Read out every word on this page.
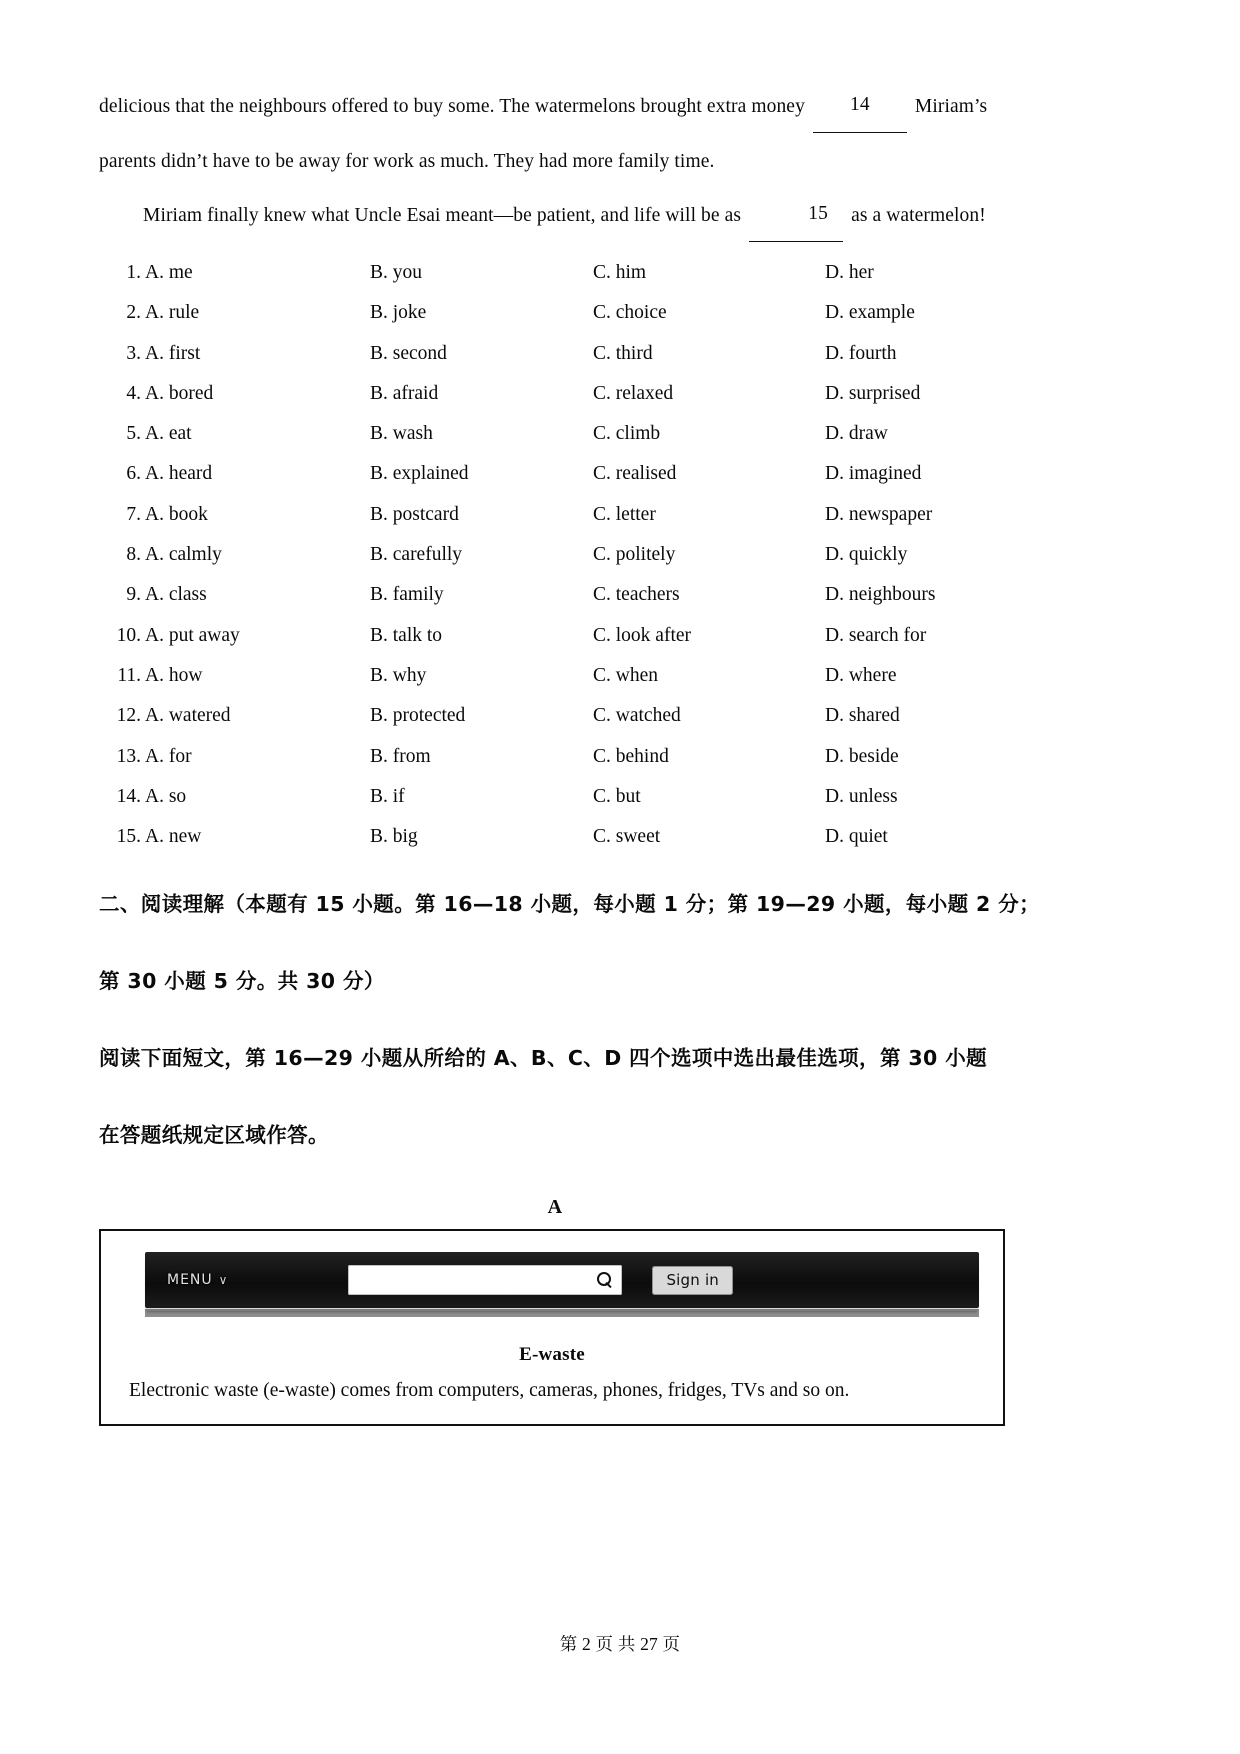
delicious that the neighbours offered to buy some. The watermelons brought extra money 14 Miriam’s
parents didn’t have to be away for work as much. They had more family time.
Miriam finally knew what Uncle Esai meant—be patient, and life will be as	15 as a watermelon!
1. A. me	B. you	C. him	D. her
2. A. rule	B. joke	C. choice	D. example
3. A. first	B. second	C. third	D. fourth
4. A. bored	B. afraid	C. relaxed	D. surprised
5. A. eat	B. wash	C. climb	D. draw
6. A. heard	B. explained	C. realised	D. imagined
7. A. book	B. postcard	C. letter	D. newspaper
8. A. calmly	B. carefully	C. politely	D. quickly
9. A. class	B. family	C. teachers	D. neighbours
10. A. put away	B. talk to	C. look after	D. search for
11. A. how	B. why	C. when	D. where
12. A. watered	B. protected	C. watched	D. shared
13. A. for	B. from	C. behind	D. beside
14. A. so	B. if	C. but	D. unless
15. A. new	B. big	C. sweet	D. quiet
二、阅读理解（本题有 15 小题。第 16—18 小题，每小题 1 分；第 19—29 小题，每小题 2 分；
第 30 小题 5 分。共 30 分）
阅读下面短文，第 16—29 小题从所给的 A、B、C、D 四个选项中选出最佳选项，第 30 小题
在答题纸规定区域作答。
A
MENU ∨	Sign in
E-waste
Electronic waste (e-waste) comes from computers, cameras, phones, fridges, TVs and so on.
第 2 页 共 27 页
